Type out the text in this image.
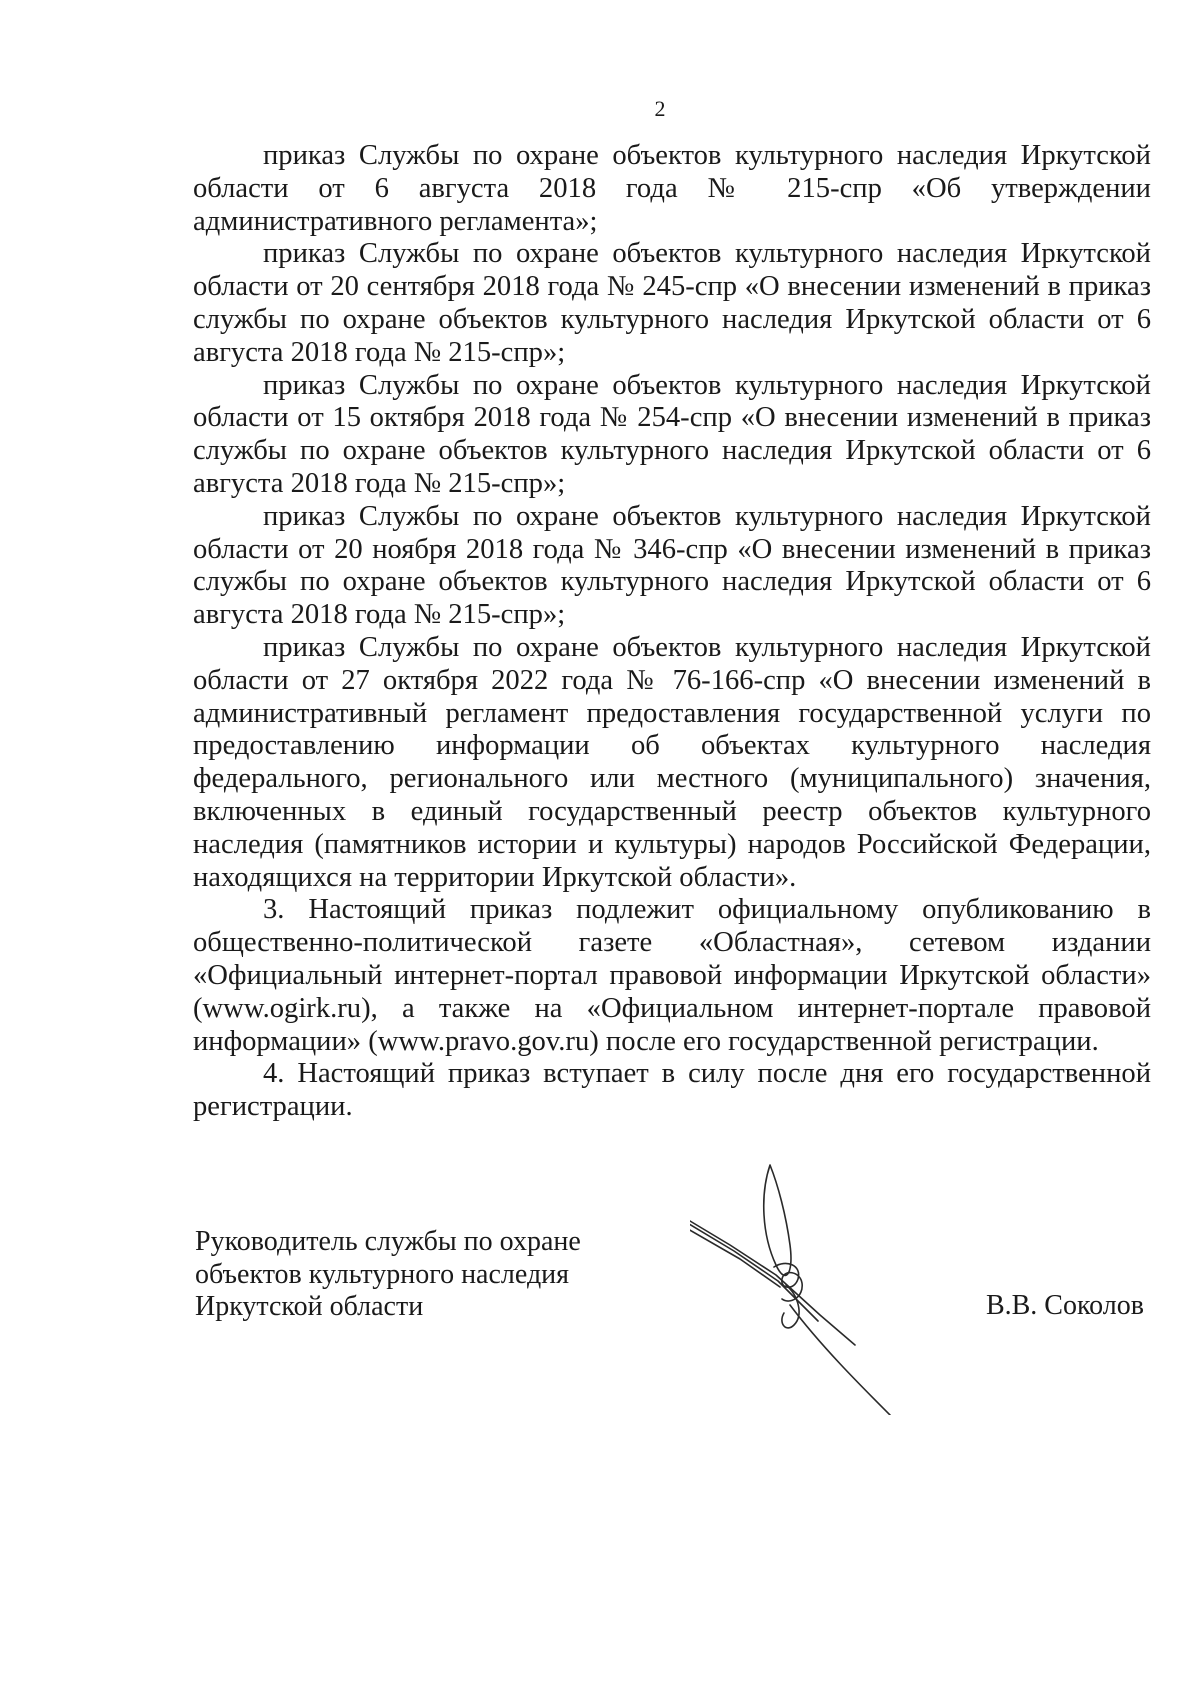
2

приказ Службы по охране объектов культурного наследия Иркутской области от 6 августа 2018 года № 215-спр «Об утверждении административного регламента»;

приказ Службы по охране объектов культурного наследия Иркутской области от 20 сентября 2018 года № 245-спр «О внесении изменений в приказ службы по охране объектов культурного наследия Иркутской области от 6 августа 2018 года № 215-спр»;

приказ Службы по охране объектов культурного наследия Иркутской области от 15 октября 2018 года № 254-спр «О внесении изменений в приказ службы по охране объектов культурного наследия Иркутской области от 6 августа 2018 года № 215-спр»;

приказ Службы по охране объектов культурного наследия Иркутской области от 20 ноября 2018 года № 346-спр «О внесении изменений в приказ службы по охране объектов культурного наследия Иркутской области от 6 августа 2018 года № 215-спр»;

приказ Службы по охране объектов культурного наследия Иркутской области от 27 октября 2022 года № 76-166-спр «О внесении изменений в административный регламент предоставления государственной услуги по предоставлению информации об объектах культурного наследия федерального, регионального или местного (муниципального) значения, включенных в единый государственный реестр объектов культурного наследия (памятников истории и культуры) народов Российской Федерации, находящихся на территории Иркутской области».

3. Настоящий приказ подлежит официальному опубликованию в общественно-политической газете «Областная», сетевом издании «Официальный интернет-портал правовой информации Иркутской области» (www.ogirk.ru), а также на «Официальном интернет-портале правовой информации» (www.pravo.gov.ru) после его государственной регистрации.

4. Настоящий приказ вступает в силу после дня его государственной регистрации.

Руководитель службы по охране
объектов культурного наследия
Иркутской области	В.В. Соколов
